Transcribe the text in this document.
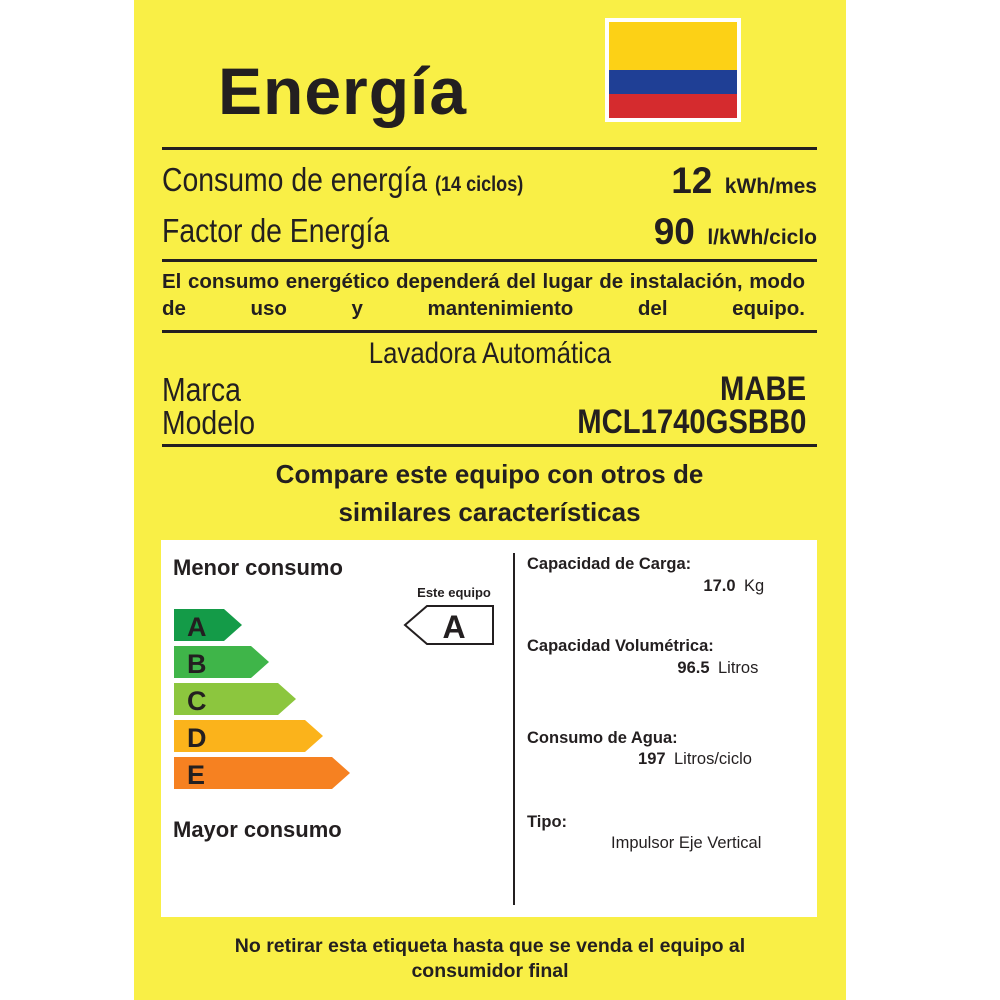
Energía
Consumo de energía (14 ciclos)	12 kWh/mes
Factor de Energía	90 l/kWh/ciclo
El consumo energético dependerá del lugar de instalación, modo de uso y mantenimiento del equipo.
Lavadora Automática
Marca	MABE
Modelo	MCL1740GSBB0
Compare este equipo con otros de
similares características
Menor consumo
A
B
C
D
E
A
Este equipo
Mayor consumo
Capacidad de Carga:
17.0 Kg
Capacidad Volumétrica:
96.5 Litros
Consumo de Agua:
197 Litros/ciclo
Tipo:
Impulsor Eje Vertical
No retirar esta etiqueta hasta que se venda el equipo al
consumidor final
